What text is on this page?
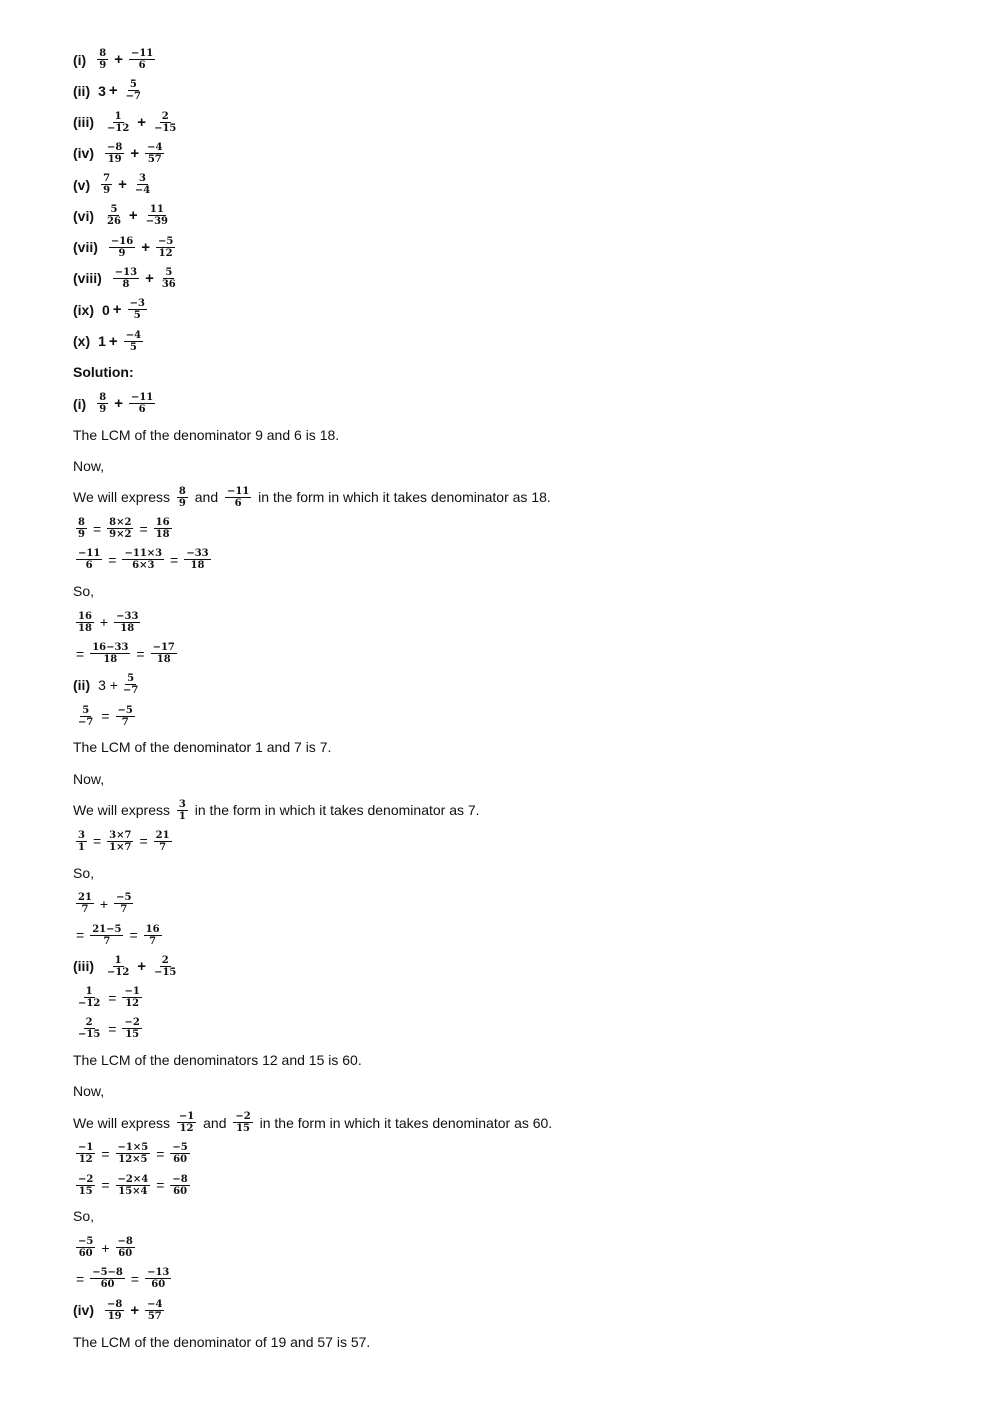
$(i) \frac{8}{9} + \frac{-11}{6}$
(ii) $3 + \frac{5}{-7}$
$(iii) \frac{1}{-12} + \frac{2}{-15}$
$(iv) \frac{-8}{19} + \frac{-4}{57}$
$(v) \frac{7}{9} + \frac{3}{-4}$
$(vi) \frac{5}{26} + \frac{11}{-39}$
$(vii) \frac{-16}{9} + \frac{-5}{12}$
(viii) $\frac{-13}{8} + \frac{5}{36}$
(ix) $0 + \frac{-3}{5}$
(x) $1 + \frac{-4}{5}$
Solution:
$(i) \frac{8}{9} + \frac{-11}{6}$
The LCM of the denominator 9 and 6 is 18.
Now,
We will express $\frac{8}{9}$ and $\frac{-11}{6}$ in the form in which it takes denominator as 18.
$\frac{8}{9} = \frac{8\times 2}{9\times 2} = \frac{16}{18}$
$\frac{-11}{6} = \frac{-11\times 3}{6\times 3} = \frac{-33}{18}$
So,
$\frac{16}{18} + \frac{-33}{18}$
= $\frac{16-33}{18} = \frac{-17}{18}$
(ii) $3 + \frac{5}{-7}$
$\frac{5}{-7} = \frac{-5}{7}$
The LCM of the denominator 1 and 7 is 7.
Now,
We will express $\frac{3}{1}$ in the form in which it takes denominator as 7.
$\frac{3}{1} = \frac{3\times 7}{1\times 7} = \frac{21}{7}$
So,
$\frac{21}{7} + \frac{-5}{7}$
= $\frac{21-5}{7} = \frac{16}{7}$
$(iii) \frac{1}{-12} + \frac{2}{-15}$
$\frac{1}{-12} = \frac{-1}{12}$
$\frac{2}{-15} = \frac{-2}{15}$
The LCM of the denominators 12 and 15 is 60.
Now,
We will express $\frac{-1}{12}$ and $\frac{-2}{15}$ in the form in which it takes denominator as 60.
$\frac{-1}{12} = \frac{-1\times 5}{12\times 5} = \frac{-5}{60}$
$\frac{-2}{15} = \frac{-2\times 4}{15\times 4} = \frac{-8}{60}$
So,
$\frac{-5}{60} + \frac{-8}{60}$
= $\frac{-5-8}{60} = \frac{-13}{60}$
$(iv) \frac{-8}{19} + \frac{-4}{57}$
The LCM of the denominator of 19 and 57 is 57.
